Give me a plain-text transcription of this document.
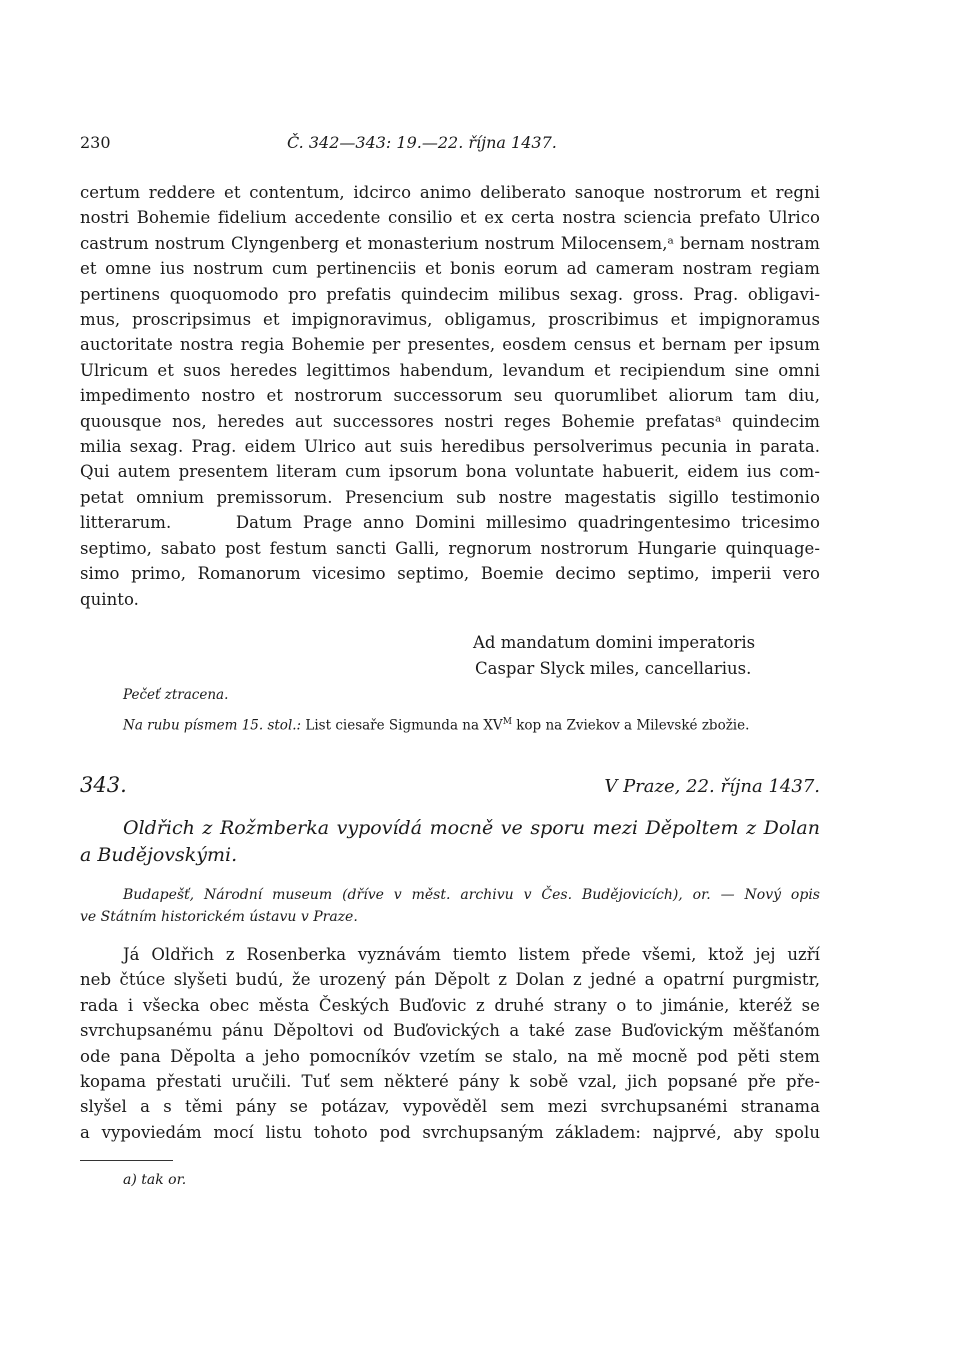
230	Č. 342—343: 19.—22. října 1437.

certum reddere et contentum, idcirco animo deliberato sanoque nostrorum et regni
nostri Bohemie fidelium accedente consilio et ex certa nostra sciencia prefato Ulrico
castrum nostrum Clyngenberg et monasterium nostrum Milocensem,ᵃ bernam nostram
et omne ius nostrum cum pertinenciis et bonis eorum ad cameram nostram regiam
pertinens quoquomodo pro prefatis quindecim milibus sexag. gross. Prag. obligavi-
mus, proscripsimus et impignoravimus, obligamus, proscribimus et impignoramus
auctoritate nostra regia Bohemie per presentes, eosdem census et bernam per ipsum
Ulricum et suos heredes legittimos habendum, levandum et recipiendum sine omni
impedimento nostro et nostrorum successorum seu quorumlibet aliorum tam diu,
quousque nos, heredes aut successores nostri reges Bohemie prefatasᵃ quindecim
milia sexag. Prag. eidem Ulrico aut suis heredibus persolverimus pecunia in parata.
Qui autem presentem literam cum ipsorum bona voluntate habuerit, eidem ius com-
petat omnium premissorum. Presencium sub nostre magestatis sigillo testimonio
litterarum.      Datum Prage anno Domini millesimo quadringentesimo tricesimo
septimo, sabato post festum sancti Galli, regnorum nostrorum Hungarie quinquage-
simo primo, Romanorum vicesimo septimo, Boemie decimo septimo, imperii vero
quinto.

Ad mandatum domini imperatoris
Caspar Slyck miles, cancellarius.
Pečeť ztracena.
Na rubu písmem 15. stol.: List ciesaře Sigmunda na $XV^M$ kop na Zviekov a Milevské zbožie.
343.	V Praze, 22. října 1437.

Oldřich z Rožmberka vypovídá mocně ve sporu mezi Děpoltem z Dolan
a Budějovskými.

Budapešť, Národní museum (dříve v měst. archivu v Čes. Budějovicích), or. — Nový opis
ve Státním historickém ústavu v Praze.

Já Oldřich z Rosenberka vyznávám tiemto listem přede všemi, ktož jej uzří
neb čtúce slyšeti budú, že urozený pán Děpolt z Dolan z jedné a opatrní purgmistr,
rada i všecka obec města Českých Buďovic z druhé strany o to jimánie, kteréž se
svrchupsanému pánu Děpoltovi od Buďovických a také zase Buďovickým měšťanóm
ode pana Děpolta a jeho pomocníkóv vzetím se stalo, na mě mocně pod pěti stem
kopama přestati uručili. Tuť sem některé pány k sobě vzal, jich popsané pře pře-
slyšel a s těmi pány se potázav, vypověděl sem mezi svrchupsanémi stranama
a vypoviedám mocí listu tohoto pod svrchupsaným základem: najprvé, aby spolu

a) tak or.
